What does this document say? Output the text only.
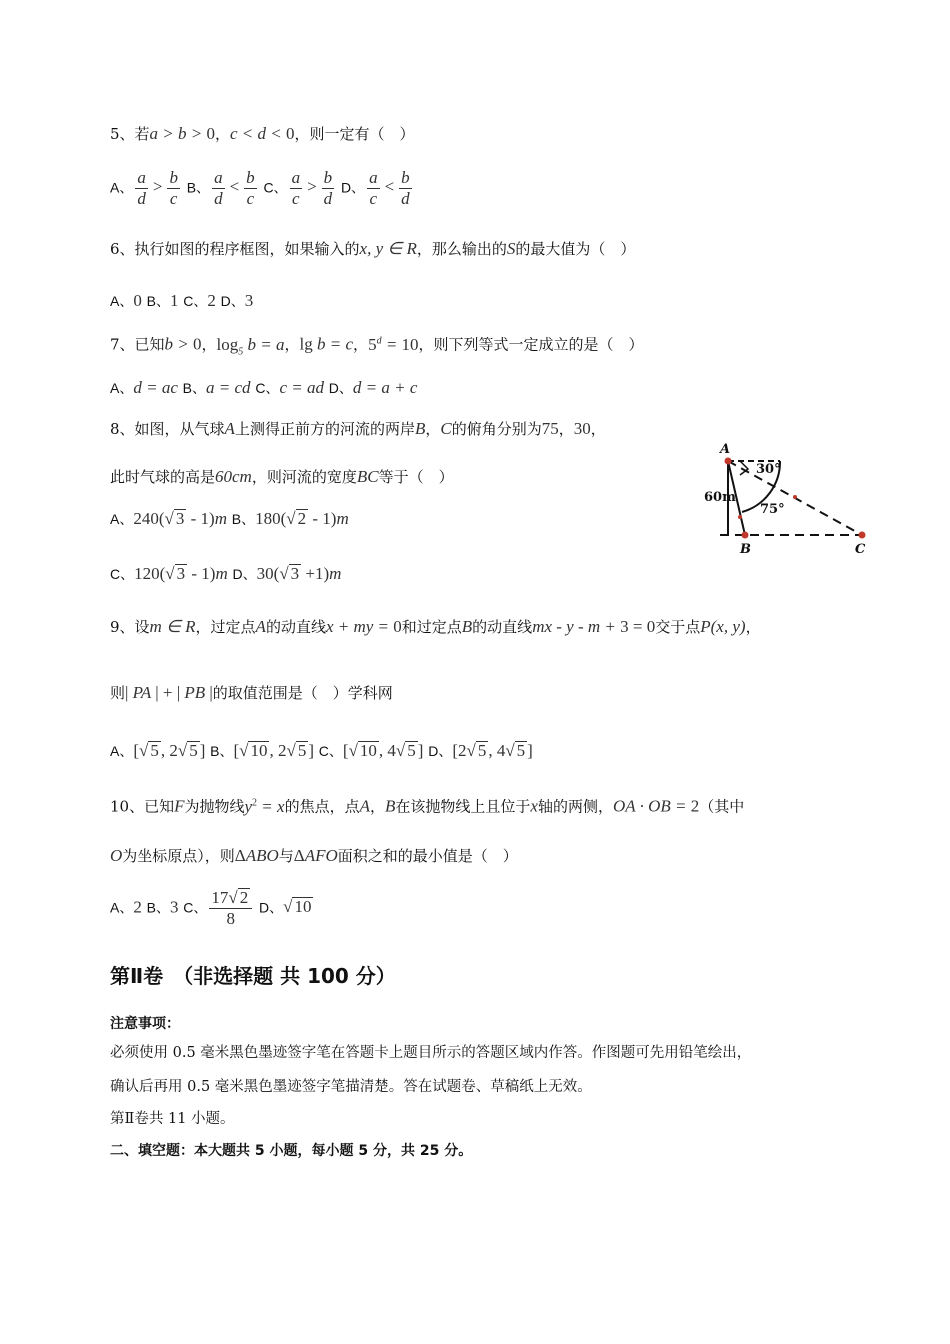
5、若a > b > 0，c < d < 0，则一定有（　）
A、 $\frac{a}{d} > \frac{b}{c}$ B、 $\frac{a}{d} < \frac{b}{c}$ C、 $\frac{a}{c} > \frac{b}{d}$ D、 $\frac{a}{c} < \frac{b}{d}$
6、执行如图的程序框图，如果输入的x, y ∈ R，那么输出的S的最大值为（　）
A、0 B、1 C、2 D、3
7、已知b > 0，$\log_5 b = a$，lg b = c，$5^d = 10$，则下列等式一定成立的是（　）
A、d = ac B、a = cd C、c = ad D、d = a + c
8、如图，从气球A上测得正前方的河流的两岸B，C的俯角分别为75，30，
此时气球的高是60cm，则河流的宽度BC等于（　）
A、240(√ 3 - 1)m B、180(√ 2 - 1)m
C、120(√ 3 - 1)m D、30(√ 3 +1)m
A
B	C
60m
30°
75°
9、设m ∈ R，过定点A的动直线x + my = 0和过定点B的动直线mx - y - m + 3 = 0交于点P(x, y)，
则| PA | + | PB |的取值范围是（　）学科网
A、[√ 5 , 2√ 5 ] B、[√ 10 , 2√ 5 ] C、[√ 10 , 4√ 5 ] D、[2√ 5 , 4√ 5 ]
10、已知F为抛物线$y^2 = x$的焦点，点A，B在该抛物线上且位于x轴的两侧，OA · OB = 2（其中
O为坐标原点），则ΔABO与ΔAFO面积之和的最小值是（　）
A、2 B、3 C、 $\frac{17√ 2}{8}$ D、√ 10
第Ⅱ卷　（非选择题 共 100 分）
注意事项：
必须使用 0.5 毫米黑色墨迹签字笔在答题卡上题目所示的答题区域内作答。作图题可先用铅笔绘出，
确认后再用 0.5 毫米黑色墨迹签字笔描清楚。答在试题卷、草稿纸上无效。
第Ⅱ卷共 11 小题。
二、填空题：本大题共 5 小题，每小题 5 分，共 25 分。
